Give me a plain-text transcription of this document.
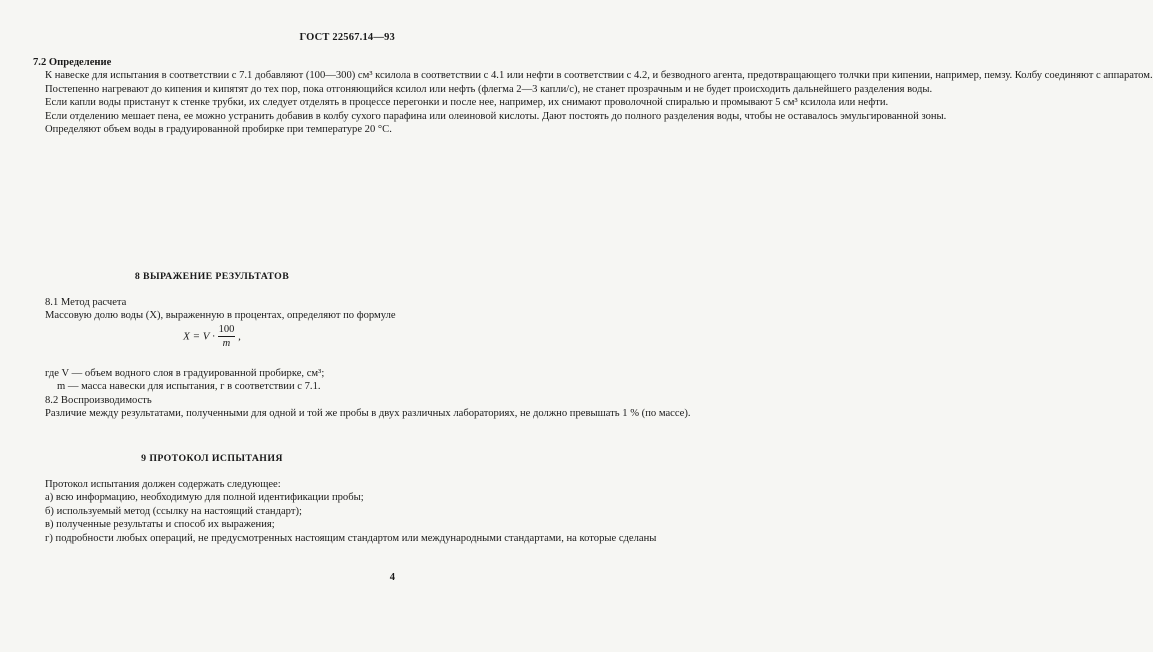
ГОСТ 22567.14—93

7.2 Определение

К навеске для испытания в соответствии с 7.1 добавляют (100—300) см³ ксилола в соответствии с 4.1 или нефти в соответствии с 4.2, и безводного агента, предотвращающего толчки при кипении, например, пемзу. Колбу соединяют с аппаратом.

Постепенно нагревают до кипения и кипятят до тех пор, пока отгоняющийся ксилол или нефть (флегма 2—3 капли/с), не станет прозрачным и не будет происходить дальнейшего разделения воды.

Если капли воды пристанут к стенке трубки, их следует отделять в процессе перегонки и после нее, например, их снимают проволочной спиралью и промывают 5 см³ ксилола или нефти.

Если отделению мешает пена, ее можно устранить добавив в колбу сухого парафина или олеиновой кислоты. Дают постоять до полного разделения воды, чтобы не оставалось эмульгированной зоны.

Определяют объем воды в градуированной пробирке при температуре 20 °С.

8 ВЫРАЖЕНИЕ РЕЗУЛЬТАТОВ

8.1 Метод расчета

Массовую долю воды (X), выраженную в процентах, определяют по формуле

$X = V \cdot \frac{100}{m}$ ,

где V — объем водного слоя в градуированной пробирке, см³;

m — масса навески для испытания, г в соответствии с 7.1.

8.2 Воспроизводимость

Различие между результатами, полученными для одной и той же пробы в двух различных лабораториях, не должно превышать 1 % (по массе).

9 ПРОТОКОЛ ИСПЫТАНИЯ

Протокол испытания должен содержать следующее:

а) всю информацию, необходимую для полной идентификации пробы;

б) используемый метод (ссылку на настоящий стандарт);

в) полученные результаты и способ их выражения;

г) подробности любых операций, не предусмотренных настоящим стандартом или международными стандартами, на которые сделаны

4
